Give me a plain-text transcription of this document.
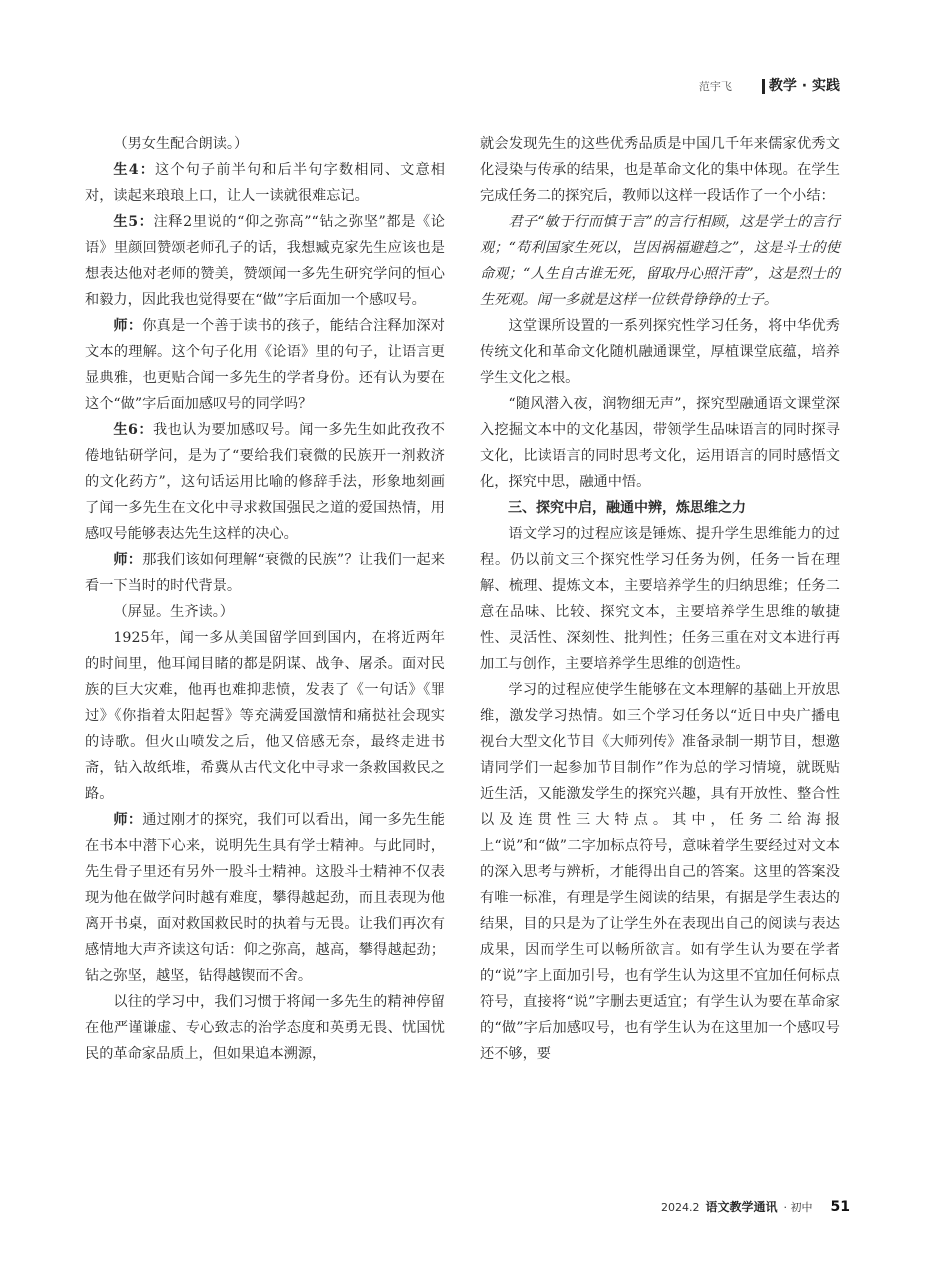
范宇飞	教学 · 实践

（男女生配合朗读。）

生4：这个句子前半句和后半句字数相同、文意相对，读起来琅琅上口，让人一读就很难忘记。

生5：注释2里说的“仰之弥高”“钻之弥坚”都是《论语》里颜回赞颂老师孔子的话，我想臧克家先生应该也是想表达他对老师的赞美，赞颂闻一多先生研究学问的恒心和毅力，因此我也觉得要在“做”字后面加一个感叹号。

师：你真是一个善于读书的孩子，能结合注释加深对文本的理解。这个句子化用《论语》里的句子，让语言更显典雅，也更贴合闻一多先生的学者身份。还有认为要在这个“做”字后面加感叹号的同学吗？

生6：我也认为要加感叹号。闻一多先生如此孜孜不倦地钻研学问，是为了“要给我们衰微的民族开一剂救济的文化药方”，这句话运用比喻的修辞手法，形象地刻画了闻一多先生在文化中寻求救国强民之道的爱国热情，用感叹号能够表达先生这样的决心。

师：那我们该如何理解“衰微的民族”？让我们一起来看一下当时的时代背景。

（屏显。生齐读。）

1925年，闻一多从美国留学回到国内，在将近两年的时间里，他耳闻目睹的都是阴谋、战争、屠杀。面对民族的巨大灾难，他再也难抑悲愤，发表了《一句话》《罪过》《你指着太阳起誓》等充满爱国激情和痛挞社会现实的诗歌。但火山喷发之后，他又倍感无奈，最终走进书斋，钻入故纸堆，希冀从古代文化中寻求一条救国救民之路。

师：通过刚才的探究，我们可以看出，闻一多先生能在书本中潜下心来，说明先生具有学士精神。与此同时，先生骨子里还有另外一股斗士精神。这股斗士精神不仅表现为他在做学问时越有难度，攀得越起劲，而且表现为他离开书桌，面对救国救民时的执着与无畏。让我们再次有感情地大声齐读这句话：仰之弥高，越高，攀得越起劲；钻之弥坚，越坚，钻得越锲而不舍。

以往的学习中，我们习惯于将闻一多先生的精神停留在他严谨谦虚、专心致志的治学态度和英勇无畏、忧国忧民的革命家品质上，但如果追本溯源，

就会发现先生的这些优秀品质是中国几千年来儒家优秀文化浸染与传承的结果，也是革命文化的集中体现。在学生完成任务二的探究后，教师以这样一段话作了一个小结：

君子“敏于行而慎于言”的言行相顾，这是学士的言行观；“苟利国家生死以，岂因祸福避趋之”，这是斗士的使命观；“人生自古谁无死，留取丹心照汗青”，这是烈士的生死观。闻一多就是这样一位铁骨铮铮的士子。

这堂课所设置的一系列探究性学习任务，将中华优秀传统文化和革命文化随机融通课堂，厚植课堂底蕴，培养学生文化之根。

“随风潜入夜，润物细无声”，探究型融通语文课堂深入挖掘文本中的文化基因，带领学生品味语言的同时探寻文化，比读语言的同时思考文化，运用语言的同时感悟文化，探究中思，融通中悟。

三、探究中启，融通中辨，炼思维之力

语文学习的过程应该是锤炼、提升学生思维能力的过程。仍以前文三个探究性学习任务为例，任务一旨在理解、梳理、提炼文本，主要培养学生的归纳思维；任务二意在品味、比较、探究文本，主要培养学生思维的敏捷性、灵活性、深刻性、批判性；任务三重在对文本进行再加工与创作，主要培养学生思维的创造性。

学习的过程应使学生能够在文本理解的基础上开放思维，激发学习热情。如三个学习任务以“近日中央广播电视台大型文化节目《大师列传》准备录制一期节目，想邀请同学们一起参加节目制作”作为总的学习情境，就既贴近生活，又能激发学生的探究兴趣，具有开放性、整合性以及连贯性三大特点。其中，任务二给海报上“说”和“做”二字加标点符号，意味着学生要经过对文本的深入思考与辨析，才能得出自己的答案。这里的答案没有唯一标准，有理是学生阅读的结果，有据是学生表达的结果，目的只是为了让学生外在表现出自己的阅读与表达成果，因而学生可以畅所欲言。如有学生认为要在学者的“说”字上面加引号，也有学生认为这里不宜加任何标点符号，直接将“说”字删去更适宜；有学生认为要在革命家的“做”字后加感叹号，也有学生认为在这里加一个感叹号还不够，要

2024.2 语文教学通讯 · 初中 51
